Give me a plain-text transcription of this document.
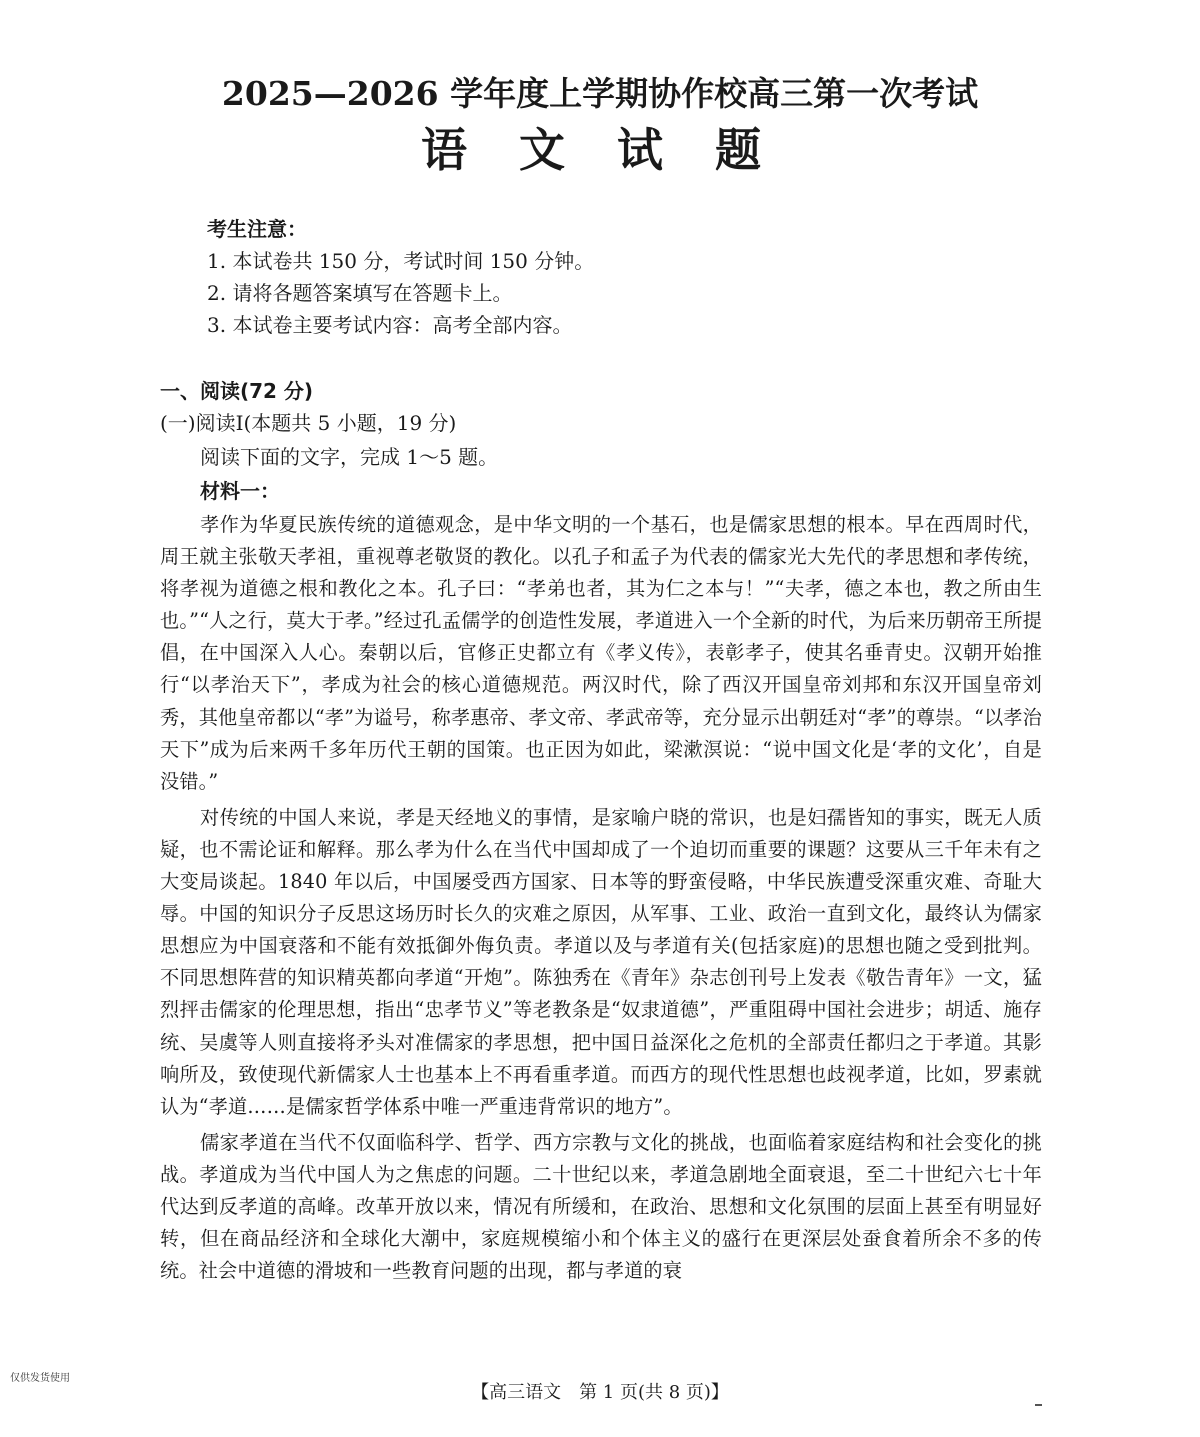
2025—2026 学年度上学期协作校高三第一次考试
语 文 试 题
考生注意：
1. 本试卷共 150 分，考试时间 150 分钟。
2. 请将各题答案填写在答题卡上。
3. 本试卷主要考试内容：高考全部内容。
一、阅读(72 分)
(一)阅读Ⅰ(本题共 5 小题，19 分)
阅读下面的文字，完成 1～5 题。
材料一：

孝作为华夏民族传统的道德观念，是中华文明的一个基石，也是儒家思想的根本。早在西周时代，周王就主张敬天孝祖，重视尊老敬贤的教化。以孔子和孟子为代表的儒家光大先代的孝思想和孝传统，将孝视为道德之根和教化之本。孔子曰：“孝弟也者，其为仁之本与！”“夫孝，德之本也，教之所由生也。”“人之行，莫大于孝。”经过孔孟儒学的创造性发展，孝道进入一个全新的时代，为后来历朝帝王所提倡，在中国深入人心。秦朝以后，官修正史都立有《孝义传》，表彰孝子，使其名垂青史。汉朝开始推行“以孝治天下”，孝成为社会的核心道德规范。两汉时代，除了西汉开国皇帝刘邦和东汉开国皇帝刘秀，其他皇帝都以“孝”为谥号，称孝惠帝、孝文帝、孝武帝等，充分显示出朝廷对“孝”的尊崇。“以孝治天下”成为后来两千多年历代王朝的国策。也正因为如此，梁漱溟说：“说中国文化是‘孝的文化’，自是没错。”

对传统的中国人来说，孝是天经地义的事情，是家喻户晓的常识，也是妇孺皆知的事实，既无人质疑，也不需论证和解释。那么孝为什么在当代中国却成了一个迫切而重要的课题？这要从三千年未有之大变局谈起。1840 年以后，中国屡受西方国家、日本等的野蛮侵略，中华民族遭受深重灾难、奇耻大辱。中国的知识分子反思这场历时长久的灾难之原因，从军事、工业、政治一直到文化，最终认为儒家思想应为中国衰落和不能有效抵御外侮负责。孝道以及与孝道有关(包括家庭)的思想也随之受到批判。不同思想阵营的知识精英都向孝道“开炮”。陈独秀在《青年》杂志创刊号上发表《敬告青年》一文，猛烈抨击儒家的伦理思想，指出“忠孝节义”等老教条是“奴隶道德”，严重阻碍中国社会进步；胡适、施存统、吴虞等人则直接将矛头对准儒家的孝思想，把中国日益深化之危机的全部责任都归之于孝道。其影响所及，致使现代新儒家人士也基本上不再看重孝道。而西方的现代性思想也歧视孝道，比如，罗素就认为“孝道……是儒家哲学体系中唯一严重违背常识的地方”。

儒家孝道在当代不仅面临科学、哲学、西方宗教与文化的挑战，也面临着家庭结构和社会变化的挑战。孝道成为当代中国人为之焦虑的问题。二十世纪以来，孝道急剧地全面衰退，至二十世纪六七十年代达到反孝道的高峰。改革开放以来，情况有所缓和，在政治、思想和文化氛围的层面上甚至有明显好转，但在商品经济和全球化大潮中，家庭规模缩小和个体主义的盛行在更深层处蚕食着所余不多的传统。社会中道德的滑坡和一些教育问题的出现，都与孝道的衰

仅供发货使用
【高三语文　第 1 页(共 8 页)】
